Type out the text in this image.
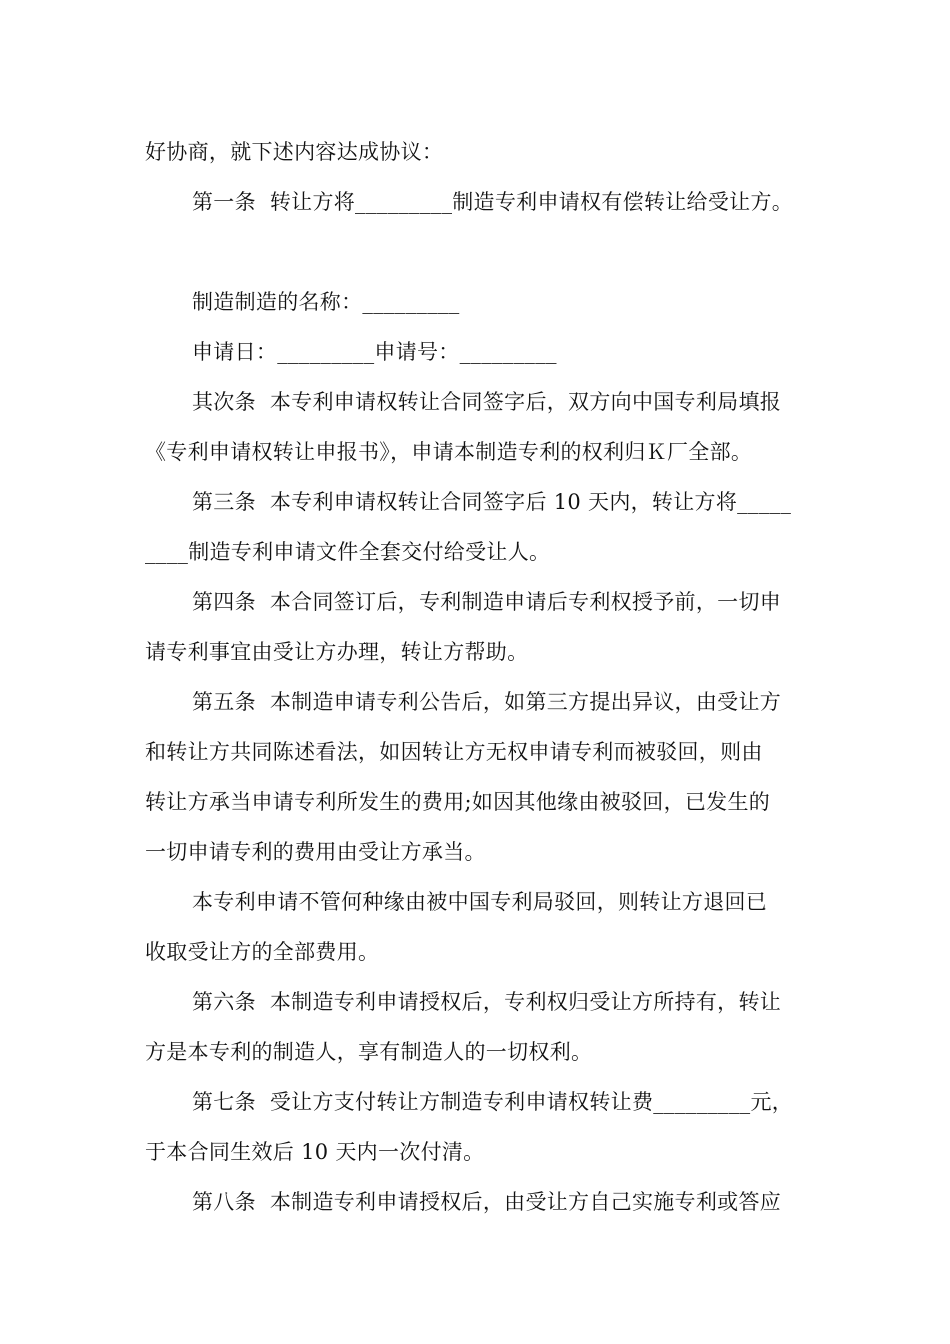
好协商，就下述内容达成协议：
第一条  转让方将_________制造专利申请权有偿转让给受让方。
制造制造的名称：_________
申请日：_________申请号：_________
其次条  本专利申请权转让合同签字后，双方向中国专利局填报
《专利申请权转让申报书》，申请本制造专利的权利归Ｋ厂全部。
第三条  本专利申请权转让合同签字后 10 天内，转让方将_____
____制造专利申请文件全套交付给受让人。
第四条  本合同签订后，专利制造申请后专利权授予前，一切申
请专利事宜由受让方办理，转让方帮助。
第五条  本制造申请专利公告后，如第三方提出异议，由受让方
和转让方共同陈述看法，如因转让方无权申请专利而被驳回，则由
转让方承当申请专利所发生的费用;如因其他缘由被驳回，已发生的
一切申请专利的费用由受让方承当。
本专利申请不管何种缘由被中国专利局驳回，则转让方退回已
收取受让方的全部费用。
第六条  本制造专利申请授权后，专利权归受让方所持有，转让
方是本专利的制造人，享有制造人的一切权利。
第七条  受让方支付转让方制造专利申请权转让费_________元，
于本合同生效后 10 天内一次付清。
第八条  本制造专利申请授权后，由受让方自己实施专利或答应
